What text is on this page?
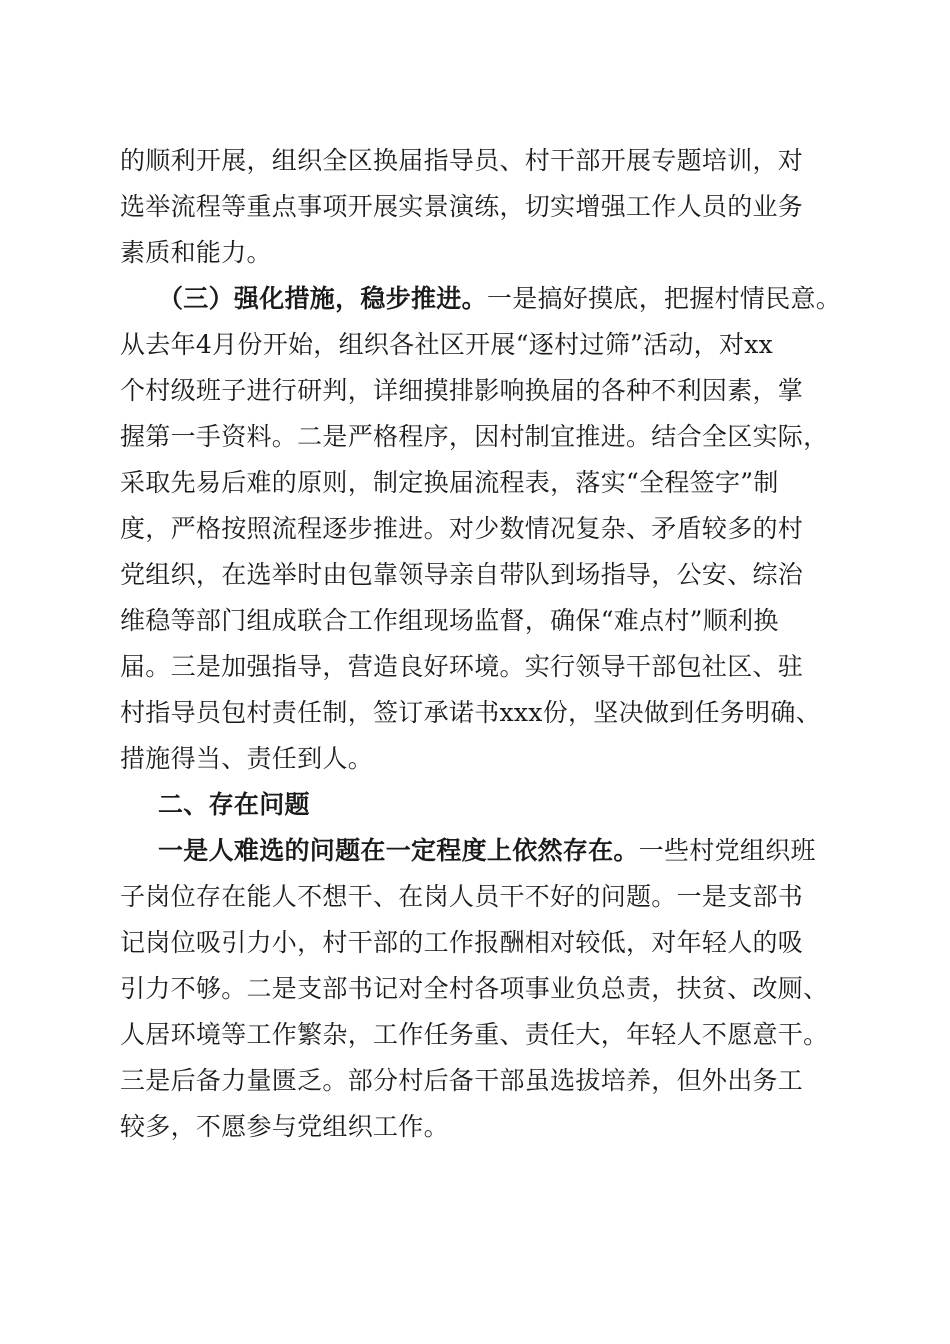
的顺利开展，组织全区换届指导员、村干部开展专题培训，对
选举流程等重点事项开展实景演练，切实增强工作人员的业务
素质和能力。
（三）强化措施，稳步推进。一是搞好摸底，把握村情民意。
从去年4月份开始，组织各社区开展“逐村过筛”活动，对xx
个村级班子进行研判，详细摸排影响换届的各种不利因素，掌
握第一手资料。二是严格程序，因村制宜推进。结合全区实际，
采取先易后难的原则，制定换届流程表，落实“全程签字”制
度，严格按照流程逐步推进。对少数情况复杂、矛盾较多的村
党组织，在选举时由包靠领导亲自带队到场指导，公安、综治
维稳等部门组成联合工作组现场监督，确保“难点村”顺利换
届。三是加强指导，营造良好环境。实行领导干部包社区、驻
村指导员包村责任制，签订承诺书xxx份，坚决做到任务明确、
措施得当、责任到人。
二、存在问题
一是人难选的问题在一定程度上依然存在。一些村党组织班
子岗位存在能人不想干、在岗人员干不好的问题。一是支部书
记岗位吸引力小，村干部的工作报酬相对较低，对年轻人的吸
引力不够。二是支部书记对全村各项事业负总责，扶贫、改厕、
人居环境等工作繁杂，工作任务重、责任大，年轻人不愿意干。
三是后备力量匮乏。部分村后备干部虽选拔培养，但外出务工
较多，不愿参与党组织工作。
